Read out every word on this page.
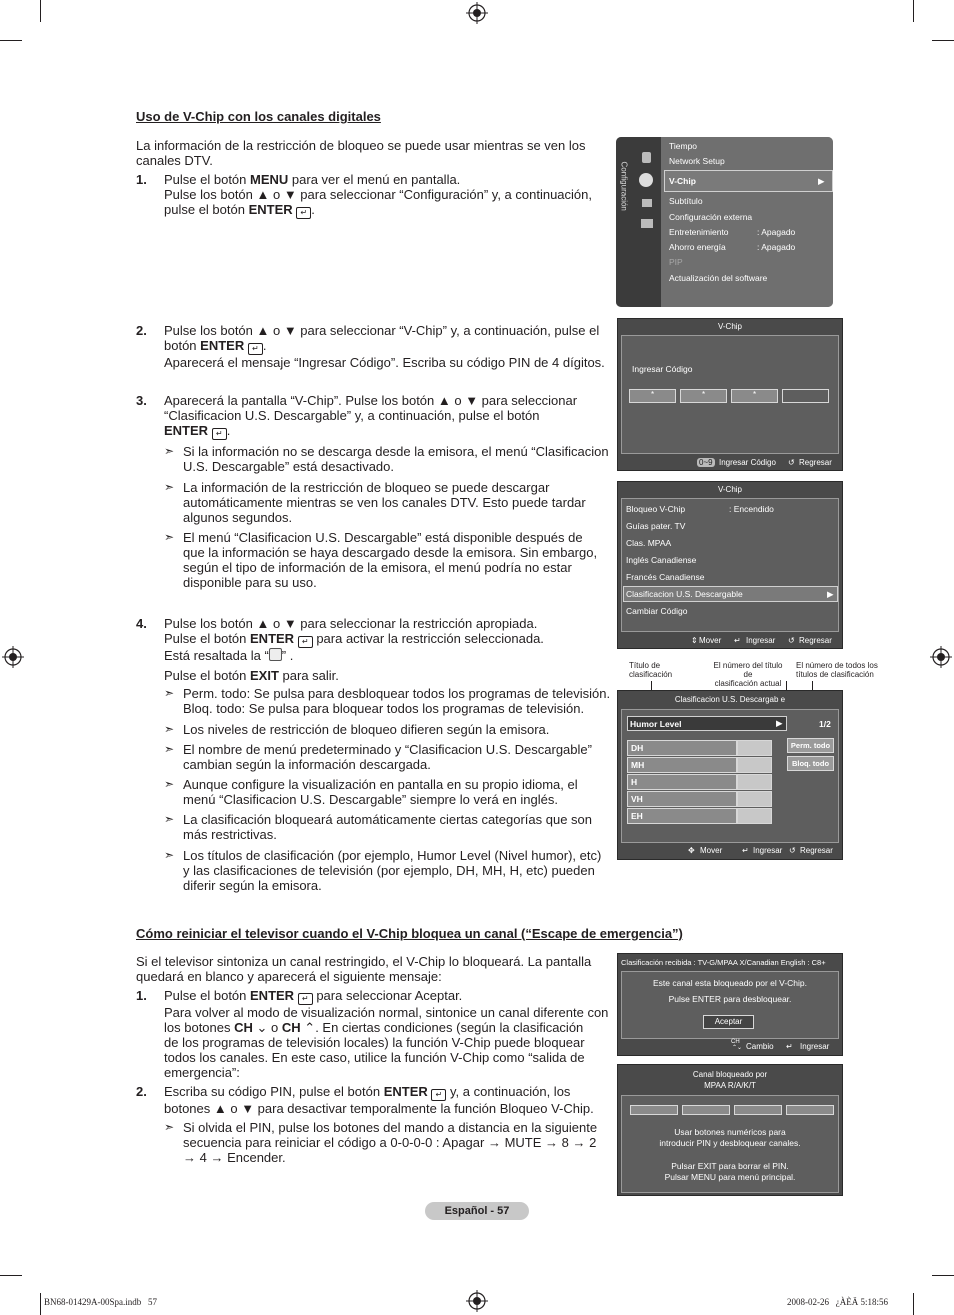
Uso de V-Chip con los canales digitales
La información de la restricción de bloqueo se puede usar mientras se ven los canales DTV.
1. Pulse el botón MENU para ver el menú en pantalla.
Pulse los botón ▲ o ▼ para seleccionar “Configuración” y, a continuación,
pulse el botón ENTER ↵ .
2. Pulse los botón ▲ o ▼ para seleccionar “V-Chip” y, a continuación, pulse el
botón ENTER ↵ .
Aparecerá el mensaje “Ingresar Código”. Escriba su código PIN de 4 dígitos.
3. Aparecerá la pantalla “V-Chip”. Pulse los botón ▲ o ▼ para seleccionar
“Clasificacion U.S. Descargable” y, a continuación, pulse el botón
ENTER ↵ .
➣ Si la información no se descarga desde la emisora, el menú “Clasificacion
U.S. Descargable” está desactivado.
➣ La información de la restricción de bloqueo se puede descargar
automáticamente mientras se ven los canales DTV. Esto puede tardar
algunos segundos.
➣ El menú “Clasificacion U.S. Descargable” está disponible después de
que la información se haya descargado desde la emisora. Sin embargo,
según el tipo de información de la emisora, el menú podría no estar
disponible para su uso.
4. Pulse los botón ▲ o ▼ para seleccionar la restricción apropiada.
Pulse el botón ENTER ↵ para activar la restricción seleccionada.
Está resaltada la “ ” .
Pulse el botón EXIT para salir.
➣ Perm. todo: Se pulsa para desbloquear todos los programas de televisión.
Bloq. todo: Se pulsa para bloquear todos los programas de televisión.
➣ Los niveles de restricción de bloqueo difieren según la emisora.
➣ El nombre de menú predeterminado y “Clasificacion U.S. Descargable”
cambian según la información descargada.
➣ Aunque configure la visualización en pantalla en su propio idioma, el
menú “Clasificacion U.S. Descargable” siempre lo verá en inglés.
➣ La clasificación bloqueará automáticamente ciertas categorías que son
más restrictivas.
➣ Los títulos de clasificación (por ejemplo, Humor Level (Nivel humor), etc)
y las clasificaciones de televisión (por ejemplo, DH, MH, H, etc) pueden
diferir según la emisora.
Configuración
Tiempo
Network Setup
V-Chip	▶
Subtítulo
Configuración externa
Entretenimiento	: Apagado
Ahorro energía	: Apagado
PIP
Actualización del software
V-Chip
Ingresar Código
*	*	*
0~9 Ingresar Código ↺ Regresar
V-Chip
Bloqueo V-Chip	: Encendido
Guías pater. TV
Clas. MPAA
Inglés Canadiense
Francés Canadiense
Clasificacion U.S. Descargable	▶
Cambiar Código
⇕ Mover ↵ Ingresar ↺ Regresar
Título de
clasificación
El número del título de
clasificación actual
El número de todos los
títulos de clasificación
Clasificacion U.S. Descargab e
Humor Level	▶	1/2
DH
MH
H
VH
EH
Perm. todo
Bloq. todo
✥ Mover ↵ Ingresar ↺ Regresar
Cómo reiniciar el televisor cuando el V-Chip bloquea un canal (“Escape de emergencia”)
Si el televisor sintoniza un canal restringido, el V-Chip lo bloqueará. La pantalla
quedará en blanco y aparecerá el siguiente mensaje:
1. Pulse el botón ENTER ↵ para seleccionar Aceptar.
Para volver al modo de visualización normal, sintonice un canal diferente con
los botones CH ⌄ o CH ⌃. En ciertas condiciones (según la clasificación
de los programas de televisión locales) la función V-Chip puede bloquear
todos los canales. En este caso, utilice la función V-Chip como “salida de
emergencia”:
2. Escriba su código PIN, pulse el botón ENTER ↵ y, a continuación, los
botones ▲ o ▼ para desactivar temporalmente la función Bloqueo V-Chip.
➣ Si olvida el PIN, pulse los botones del mando a distancia en la siguiente
secuencia para reiniciar el código a 0-0-0-0 : Apagar → MUTE → 8 → 2
→ 4 → Encender.
Clasificación recibida : TV-G/MPAA X/Canadian English : C8+
Este canal esta bloqueado por el V-Chip.
Pulse ENTER para desbloquear.
Aceptar
CH
⌃⌄ Cambio ↵ Ingresar
Canal bloqueado por
MPAA R/A/K/T
Usar botones numéricos para
introducir PIN y desbloquear canales.
Pulsar EXIT para borrar el PIN.
Pulsar MENU para menú principal.
Español - 57
BN68-01429A-00Spa.indb   57	2008-02-26   ¿ÀÈÄ 5:18:56
